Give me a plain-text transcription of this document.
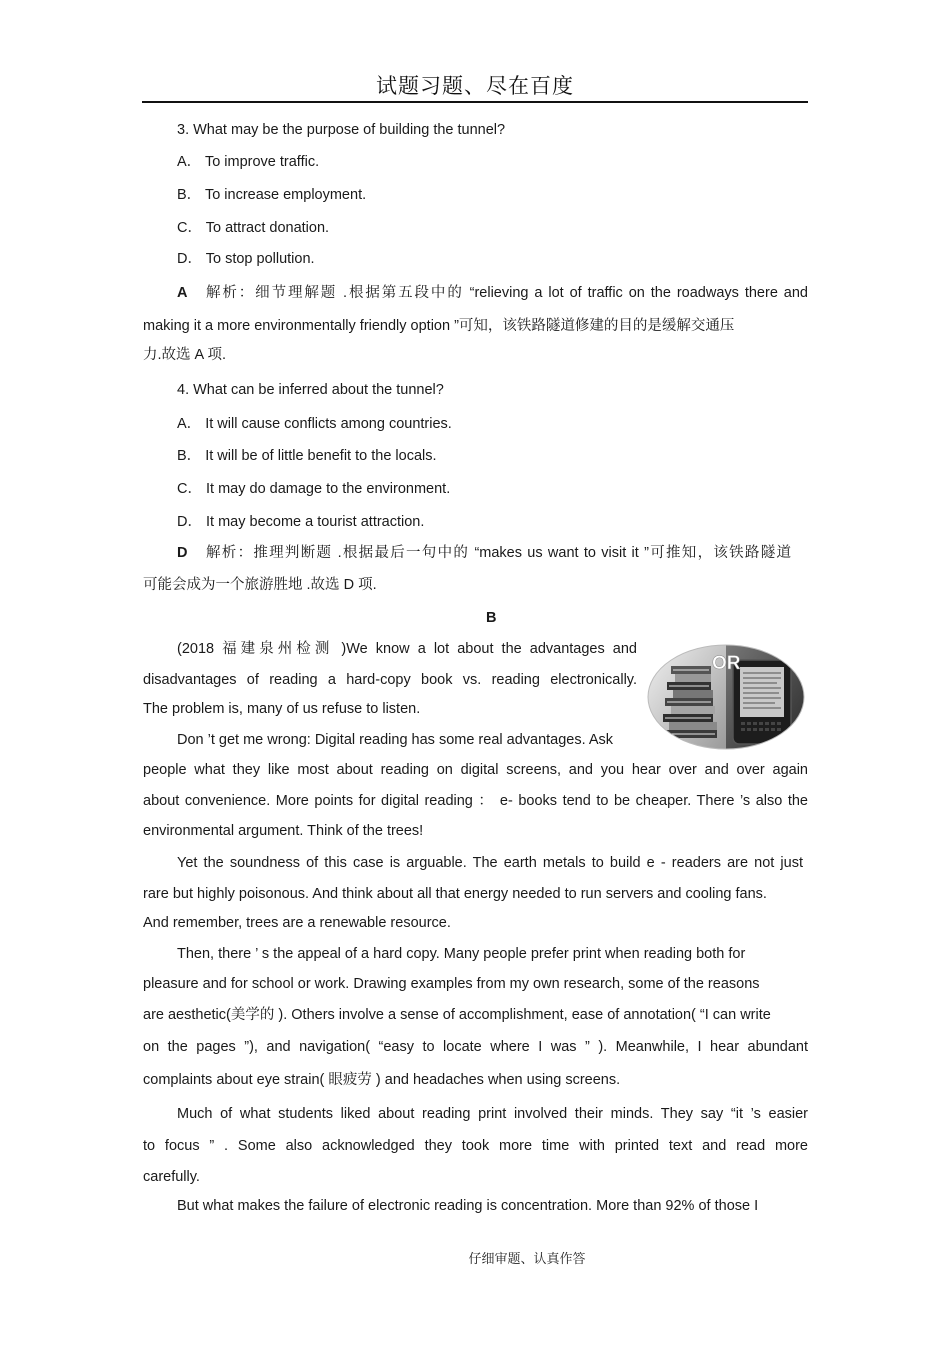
试题习题、尽在百度
3. What may be the purpose of building the tunnel?
A． To improve traffic.
B． To increase employment.
C． To attract donation.
D． To stop pollution.
A 解析：细节理解题 .根据第五段中的 “relieving a lot of traffic on the roadways there and
making it a more environmentally friendly option ”可知，该铁路隧道修建的目的是缓解交通压
力.故选 A 项.
4. What can be inferred about the tunnel?
A． It will cause conflicts among countries.
B． It will be of little benefit to the locals.
C． It may do damage to the environment.
D． It may become a tourist attraction.
D 解析：推理判断题 .根据最后一句中的 “makes us want to visit it ”可推知，该铁路隧道
可能会成为一个旅游胜地 .故选 D 项.
B
(2018 福建泉州检测 )We know a lot about the advantages and
disadvantages of reading a hard-copy book vs. reading electronically.
The problem is, many of us refuse to listen.
OR
Don ’t get me wrong: Digital reading has some real advantages. Ask
people what they like most about reading on digital screens, and you hear over and over again
about convenience. More points for digital reading ： e- books tend to be cheaper. There ’s also the
environmental argument. Think of the trees!
Yet the soundness of this case is arguable. The earth metals to build e - readers are not just
rare but highly poisonous. And think about all that energy needed to run servers and cooling fans.
And remember, trees are a renewable resource.
Then, there ’ s the appeal of a hard copy. Many people prefer print when reading both for
pleasure and for school or work. Drawing examples from my own research, some of the reasons
are aesthetic(美学的 ). Others involve a sense of accomplishment, ease of annotation( “I can write
on the pages ”), and navigation( “easy to locate where I was ” ). Meanwhile, I hear abundant
complaints about eye strain( 眼疲劳 ) and headaches when using screens.
Much of what students liked about reading print involved their minds. They say “it ’s easier
to focus ” . Some also acknowledged they took more time with printed text and read more
carefully.
But what makes the failure of electronic reading is concentration. More than 92% of those I
仔细审题、认真作答
